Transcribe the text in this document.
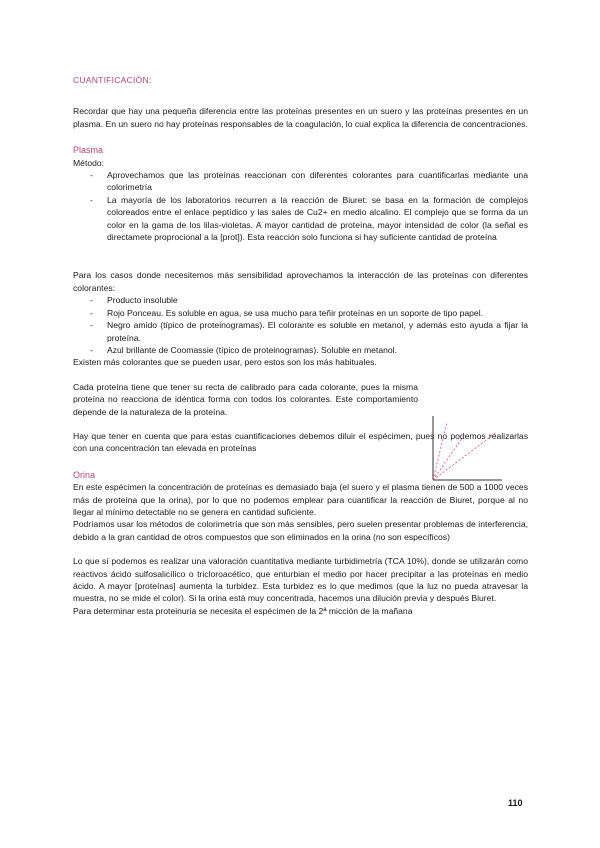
CUANTIFICACIÓN:

Recordar que hay una pequeña diferencia entre las proteínas presentes en un suero y las proteínas presentes en un plasma. En un suero no hay proteínas responsables de la coagulación, lo cual explica la diferencia de concentraciones.

Plasma
Método:
- Aprovechamos que las proteínas reaccionan con diferentes colorantes para cuantificarlas mediante una colorimetría
- La mayoría de los laboratorios recurren a la reacción de Biuret: se basa en la formación de complejos coloreados entre el enlace peptídico y las sales de Cu2+ en medio alcalino. El complejo que se forma da un color en la gama de los lilas-violetas. A mayor cantidad de proteína, mayor intensidad de color (la señal es directamete proprocional a la [prot]). Esta reacción solo funciona si hay suficiente cantidad de proteína

Para los casos donde necesitemos más sensibilidad aprovechamos la interacción de las proteínas con diferentes colorantes:

- Producto insoluble
- Rojo Ponceau. Es soluble en agua, se usa mucho para teñir proteínas en un soporte de tipo papel.
- Negro amido (típico de proteinogramas). El colorante es soluble en metanol, y además esto ayuda a fijar la proteína.
- Azul brillante de Coomassie (típico de proteinogramas). Soluble en metanol.

Existen más colorantes que se pueden usar, pero estos son los más habituales.

Cada proteína tiene que tener su recta de calibrado para cada colorante, pues la misma proteína no reacciona de idéntica forma con todos los colorantes. Este comportamiento depende de la naturaleza de la proteína.

Hay que tener en cuenta que para estas cuantificaciones debemos diluir el espécimen, pues no podemos realizarlas con una concentración tan elevada en proteínas

Orina

En este espécimen la concentración de proteínas es demasiado baja (el suero y el plasma tienen de 500 a 1000 veces más de proteína que la orina), por lo que no podemos emplear para cuantificar la reacción de Biuret, porque al no llegar al mínimo detectable no se genera en cantidad suficiente.

Podríamos usar los métodos de colorimetría que son más sensibles, pero suelen presentar problemas de interferencia, debido a la gran cantidad de otros compuestos que son eliminados en la orina (no son específicos)

Lo que sí podemos es realizar una valoración cuantitativa mediante turbidimetría (TCA 10%), donde se utilizarán como reactivos ácido sulfosalicílico o tricloroacético, que enturbian el medio por hacer precipitar a las proteínas en medio ácido. A mayor [proteínas] aumenta la turbidez. Esta turbidez es lo que medimos (que la luz no pueda atravesar la muestra, no se mide el color). Si la orina está muy concentrada, hacemos una dilución previa y después Biuret.

Para determinar esta proteinuria se necesita el espécimen de la 2ª micción de la mañana

110
